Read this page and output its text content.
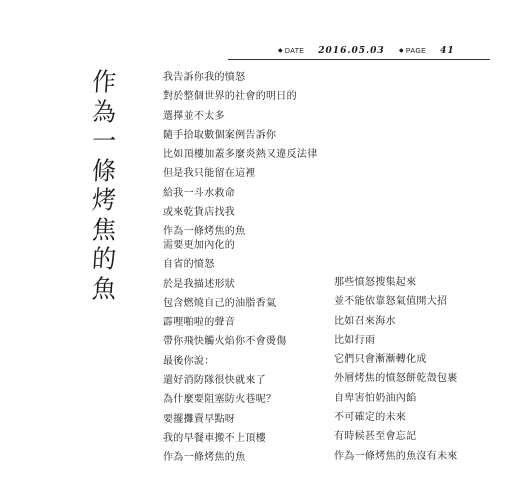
◆ DATE 2016.05.03 ◆ PAGE 41
作
為
一
條
烤
焦
的
魚
我告訴你我的憤怒
對於整個世界的社會的明日的
選擇並不太多
隨手拾取數個案例告訴你
比如頂樓加蓋多麼炎熱又違反法律
但是我只能留在這裡
給我一斗水救命
或來乾貨店找我
作為一條烤焦的魚
需要更加內化的
自省的憤怒
於是我描述形狀
包含燃燒自己的油脂香氣
霹哩啪啦的聲音
帶你飛快觸火焰你不會燙傷
最後你說：
還好消防隊很快就來了
為什麼要阻塞防火巷呢？
要擺攤賣早點呀
我的早餐車搬不上頂樓
作為一條烤焦的魚
那些憤怒搜集起來
並不能依靠怒氣值開大招
比如召來海水
比如行雨
它們只會漸漸轉化成
外層烤焦的憤怒餅乾殼包裹
自卑害怕奶油內餡
不可確定的未來
有時候甚至會忘記
作為一條烤焦的魚沒有未來
